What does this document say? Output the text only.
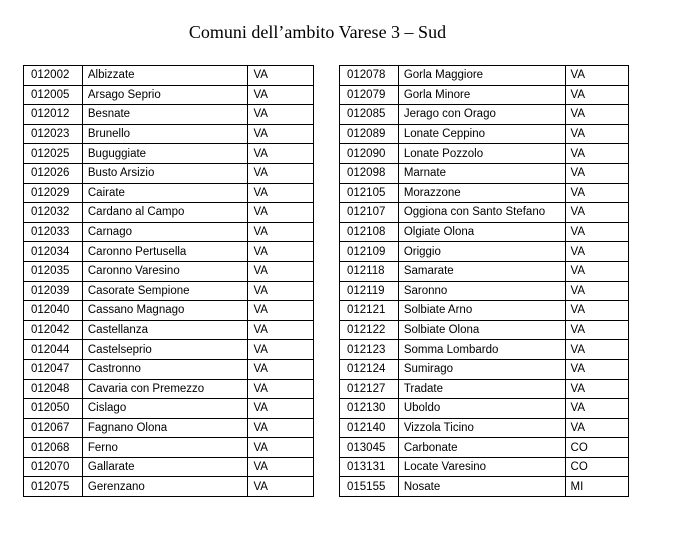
Comuni dell’ambito Varese 3 – Sud
012002	Albizzate	VA
012005	Arsago Seprio	VA
012012	Besnate	VA
012023	Brunello	VA
012025	Buguggiate	VA
012026	Busto Arsizio	VA
012029	Cairate	VA
012032	Cardano al Campo	VA
012033	Carnago	VA
012034	Caronno Pertusella	VA
012035	Caronno Varesino	VA
012039	Casorate Sempione	VA
012040	Cassano Magnago	VA
012042	Castellanza	VA
012044	Castelseprio	VA
012047	Castronno	VA
012048	Cavaria con Premezzo	VA
012050	Cislago	VA
012067	Fagnano Olona	VA
012068	Ferno	VA
012070	Gallarate	VA
012075	Gerenzano	VA
012078	Gorla Maggiore	VA
012079	Gorla Minore	VA
012085	Jerago con Orago	VA
012089	Lonate Ceppino	VA
012090	Lonate Pozzolo	VA
012098	Marnate	VA
012105	Morazzone	VA
012107	Oggiona con Santo Stefano	VA
012108	Olgiate Olona	VA
012109	Origgio	VA
012118	Samarate	VA
012119	Saronno	VA
012121	Solbiate Arno	VA
012122	Solbiate Olona	VA
012123	Somma Lombardo	VA
012124	Sumirago	VA
012127	Tradate	VA
012130	Uboldo	VA
012140	Vizzola Ticino	VA
013045	Carbonate	CO
013131	Locate Varesino	CO
015155	Nosate	MI
